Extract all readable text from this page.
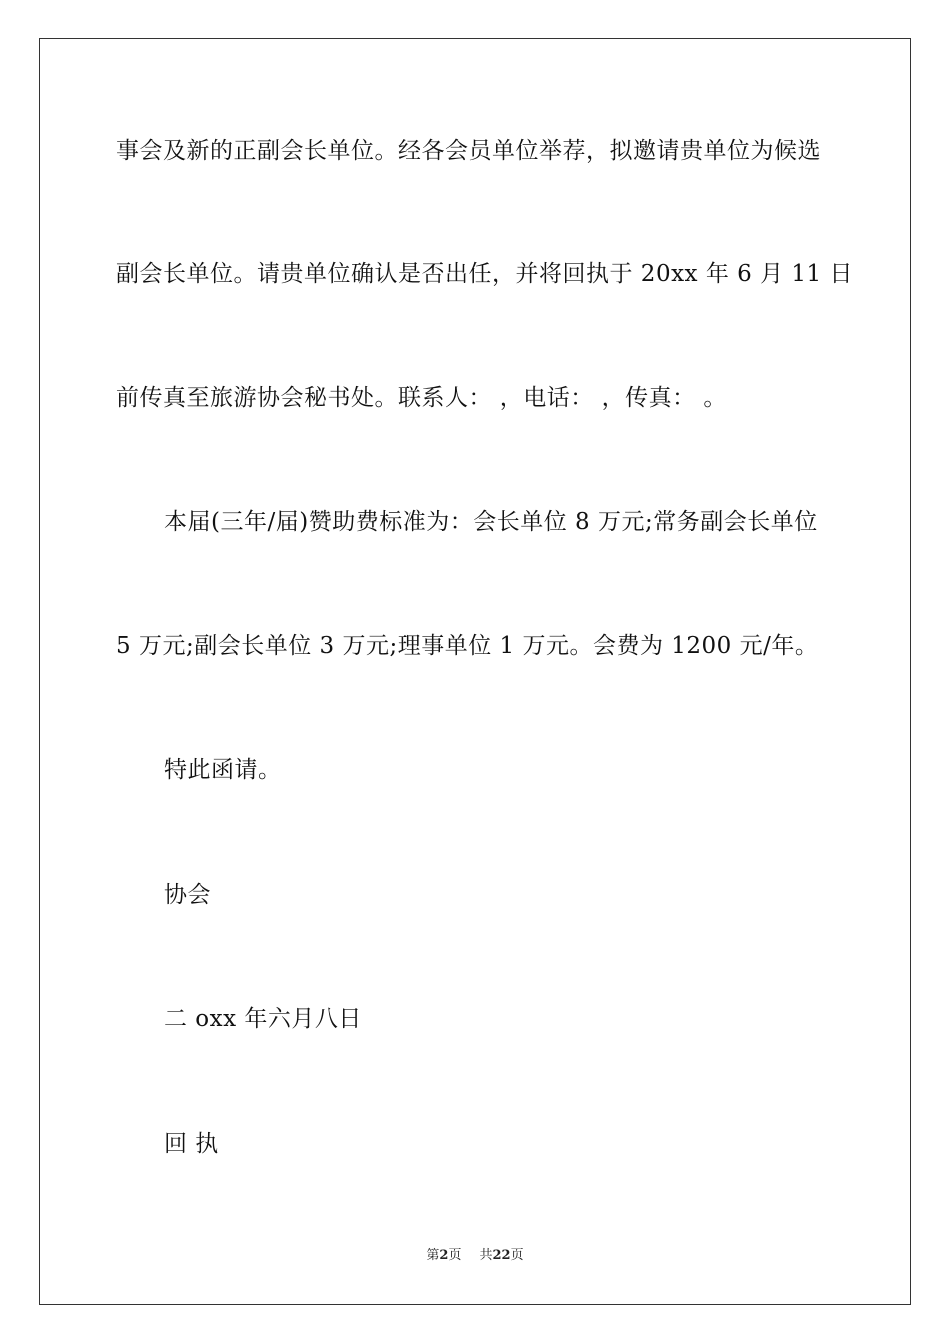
事会及新的正副会长单位。经各会员单位举荐，拟邀请贵单位为候选
副会长单位。请贵单位确认是否出任，并将回执于 20xx 年 6 月 11 日
前传真至旅游协会秘书处。联系人： ，电话： ，传真： 。
本届(三年/届)赞助费标准为：会长单位 8 万元;常务副会长单位
5 万元;副会长单位 3 万元;理事单位 1 万元。会费为 1200 元/年。
特此函请。
协会
二 oxx 年六月八日
回 执
第2页 共22页
